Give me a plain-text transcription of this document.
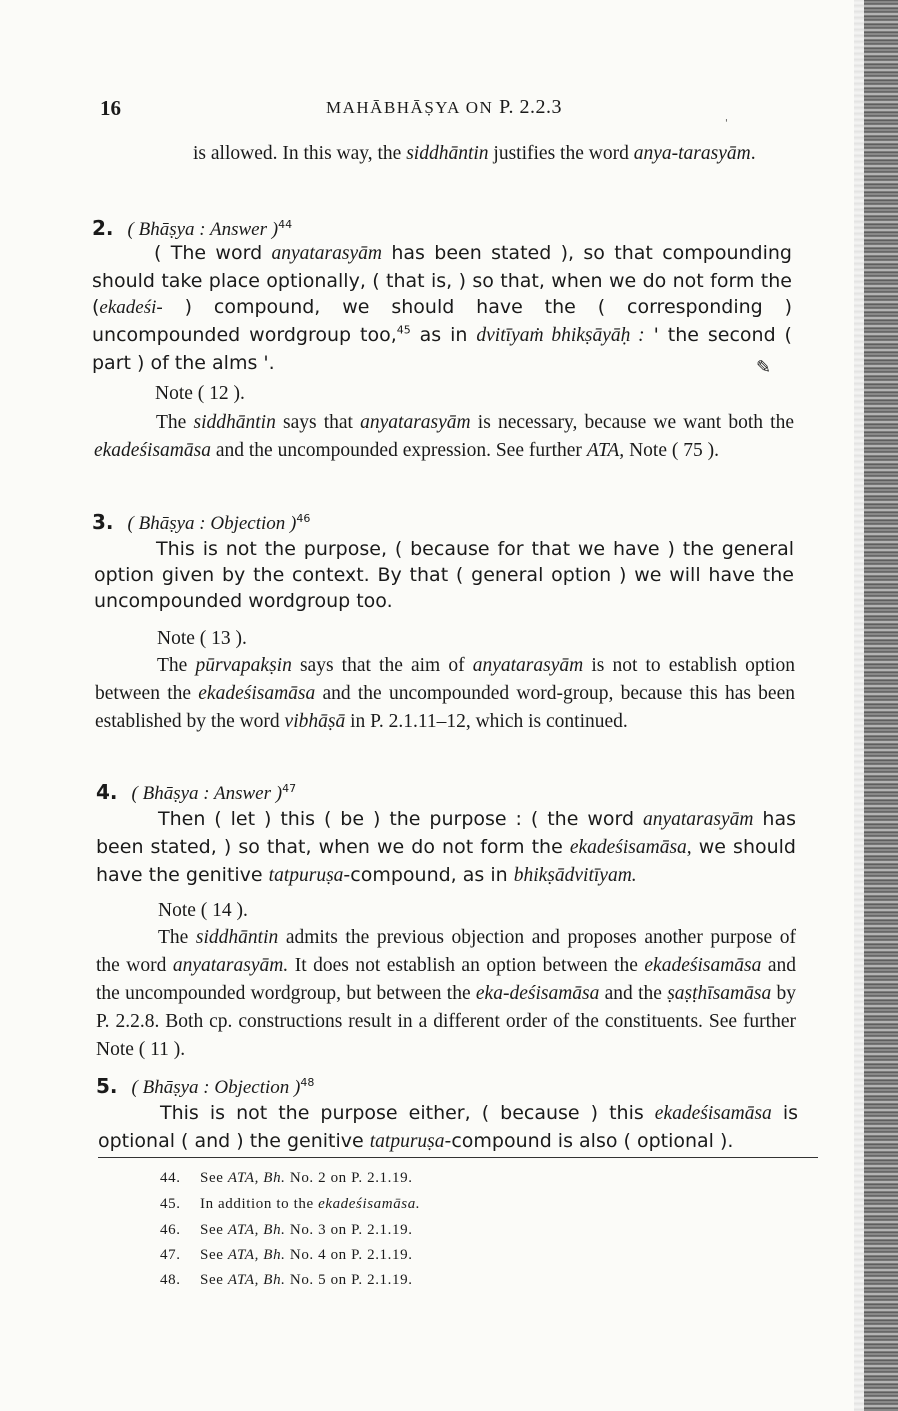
16	MAHĀBHĀṢYA ON P. 2.2.3
'
is allowed. In this way, the siddhāntin justifies the word anya-tarasyām.
2. ( Bhāṣya : Answer )$^{44}$
( The word anyatarasyām has been stated ), so that compounding should take place optionally, ( that is, ) so that, when we do not form the (ekadeśi- ) compound, we should have the ( corresponding ) uncompounded wordgroup too,$^{45}$ as in dvitīyaṁ bhikṣāyāḥ : ' the second ( part ) of the alms '.	✎
Note ( 12 ).
The siddhāntin says that anyatarasyām is necessary, because we want both the ekadeśisamāsa and the uncompounded expression. See further ATA, Note ( 75 ).
3. ( Bhāṣya : Objection )$^{46}$
This is not the purpose, ( because for that we have ) the general option given by the context. By that ( general option ) we will have the uncompounded wordgroup too.
Note ( 13 ).
The pūrvapakṣin says that the aim of anyatarasyām is not to establish option between the ekadeśisamāsa and the uncompounded word-group, because this has been established by the word vibhāṣā in P. 2.1.11–12, which is continued.
4. ( Bhāṣya : Answer )$^{47}$
Then ( let ) this ( be ) the purpose : ( the word anyatarasyām has been stated, ) so that, when we do not form the ekadeśisamāsa, we should have the genitive tatpuruṣa-compound, as in bhikṣādvitīyam.
Note ( 14 ).
The siddhāntin admits the previous objection and proposes another purpose of the word anyatarasyām. It does not establish an option between the ekadeśisamāsa and the uncompounded wordgroup, but between the eka-deśisamāsa and the ṣaṣṭhīsamāsa by P. 2.2.8. Both cp. constructions result in a different order of the constituents. See further Note ( 11 ).
5. ( Bhāṣya : Objection )$^{48}$
This is not the purpose either, ( because ) this ekadeśisamāsa is optional ( and ) the genitive tatpuruṣa-compound is also ( optional ).
44. See ATA, Bh. No. 2 on P. 2.1.19.
45. In addition to the ekadeśisamāsa.
46. See ATA, Bh. No. 3 on P. 2.1.19.
47. See ATA, Bh. No. 4 on P. 2.1.19.
48. See ATA, Bh. No. 5 on P. 2.1.19.
